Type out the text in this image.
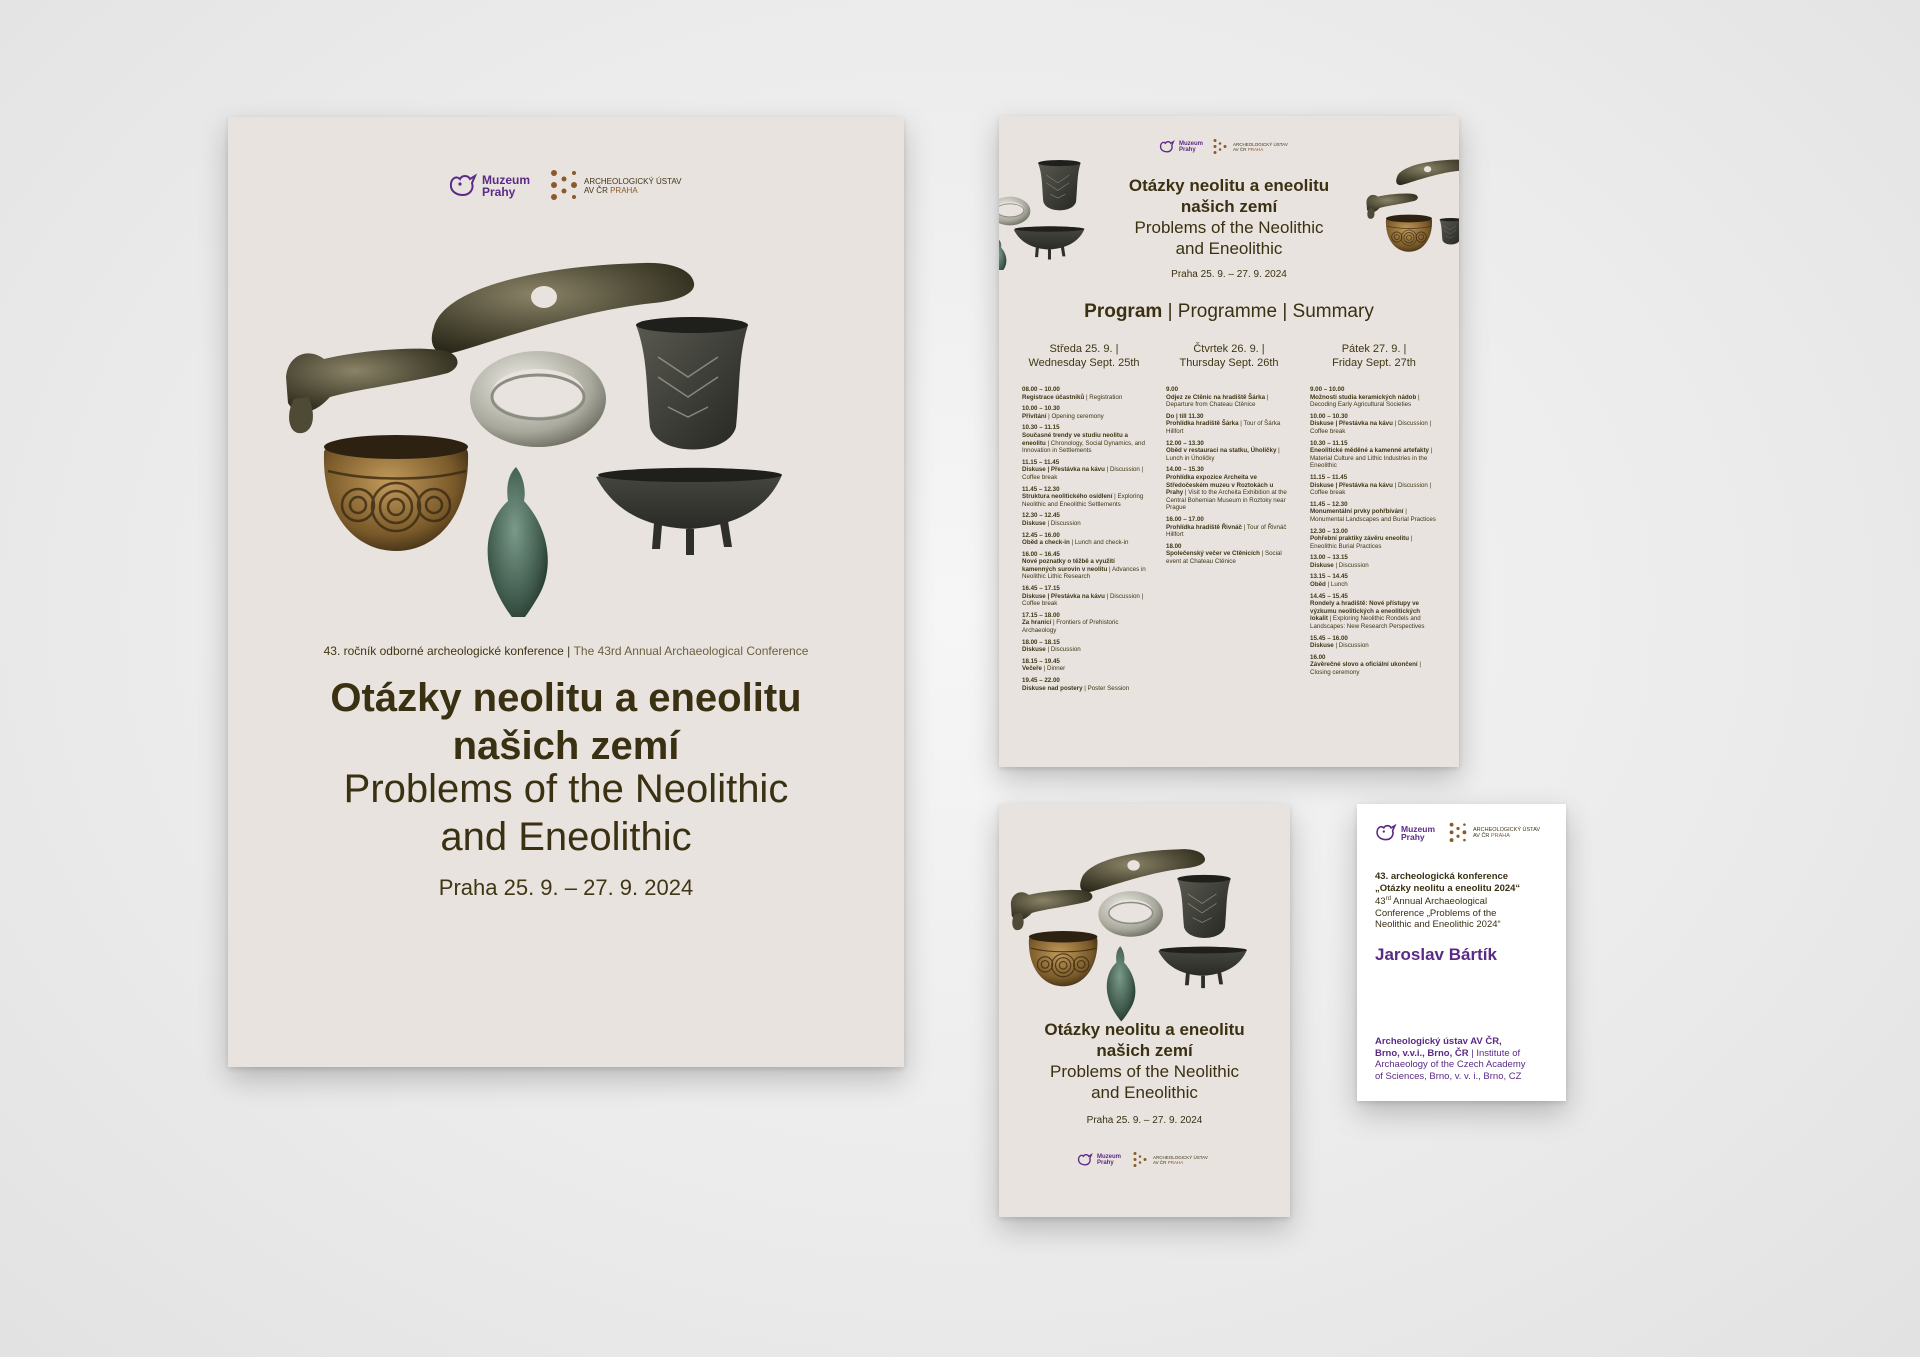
Muzeum
Prahy
ARCHEOLOGICKÝ ÚSTAV
AV ČR PRAHA
43. ročník odborné archeologické konference | The 43rd Annual Archaeological Conference
Otázky neolitu a eneolitu
našich zemí
Problems of the Neolithic
and Eneolithic
Praha 25. 9. – 27. 9. 2024
Muzeum
Prahy
ARCHEOLOGICKÝ ÚSTAV
AV ČR PRAHA
Otázky neolitu a eneolitu
našich zemí
Problems of the Neolithic
and Eneolithic
Praha 25. 9. – 27. 9. 2024
Program | Programme | Summary
Středa 25. 9. |
Wednesday Sept. 25th
Čtvrtek 26. 9. |
Thursday Sept. 26th
Pátek 27. 9. |
Friday Sept. 27th
08.00 – 10.00
Registrace účastníků | Registration
10.00 – 10.30
Přivítání | Opening ceremony
10.30 – 11.15
Současné trendy ve studiu neolitu a eneolitu | Chronology, Social Dynamics, and Innovation in Settlements
11.15 – 11.45
Diskuse | Přestávka na kávu | Discussion | Coffee break
11.45 – 12.30
Struktura neolitického osídlení | Exploring Neolithic and Eneolithic Settlements
12.30 – 12.45
Diskuse | Discussion
12.45 – 16.00
Oběd a check-in | Lunch and check-in
16.00 – 16.45
Nové poznatky o těžbě a využití kamenných surovin v neolitu | Advances in Neolithic Lithic Research
16.45 – 17.15
Diskuse | Přestávka na kávu | Discussion | Coffee break
17.15 – 18.00
Za hranicí | Frontiers of Prehistoric Archaeology
18.00 – 18.15
Diskuse | Discussion
18.15 – 19.45
Večeře | Dinner
19.45 – 22.00
Diskuse nad postery | Poster Session
9.00
Odjez ze Ctěnic na hradiště Šárka | Departure from Chateau Ctěnice
Do | till 11.30
Prohlídka hradiště Šárka | Tour of Šárka Hillfort
12.00 – 13.30
Oběd v restauraci na statku, Úholičky | Lunch in Úholičky
14.00 – 15.30
Prohlídka expozice Archeita ve Středočeském muzeu v Roztokách u Prahy | Visit to the Archeita Exhibition at the Central Bohemian Museum in Roztoky near Prague
16.00 – 17.00
Prohlídka hradiště Řivnáč | Tour of Řivnáč Hillfort
18.00
Společenský večer ve Ctěnicích | Social event at Chateau Ctěnice
9.00 – 10.00
Možnosti studia keramických nádob | Decoding Early Agricultural Societies
10.00 – 10.30
Diskuse | Přestávka na kávu | Discussion | Coffee break
10.30 – 11.15
Eneolitické měděné a kamenné artefakty | Material Culture and Lithic Industries in the Eneolithic
11.15 – 11.45
Diskuse | Přestávka na kávu | Discussion | Coffee break
11.45 – 12.30
Monumentální prvky pohřbívání | Monumental Landscapes and Burial Practices
12.30 – 13.00
Pohřební praktiky závěru eneolitu | Eneolithic Burial Practices
13.00 – 13.15
Diskuse | Discussion
13.15 – 14.45
Oběd | Lunch
14.45 – 15.45
Rondely a hradiště: Nové přístupy ve výzkumu neolitických a eneolitických lokalit | Exploring Neolithic Rondels and Landscapes: New Research Perspectives
15.45 – 16.00
Diskuse | Discussion
16.00
Závěrečné slovo a oficiální ukončení | Closing ceremony
Otázky neolitu a eneolitu
našich zemí
Problems of the Neolithic
and Eneolithic
Praha 25. 9. – 27. 9. 2024
Muzeum
Prahy
ARCHEOLOGICKÝ ÚSTAV
AV ČR PRAHA
Muzeum
Prahy
ARCHEOLOGICKÝ ÚSTAV
AV ČR PRAHA
43. archeologická konference
„Otázky neolitu a eneolitu 2024“
43rd Annual Archaeological
Conference „Problems of the
Neolithic and Eneolithic 2024“
Jaroslav Bártík
Archeologický ústav AV ČR,
Brno, v.v.i., Brno, ČR | Institute of
Archaeology of the Czech Academy
of Sciences, Brno, v. v. i., Brno, CZ
